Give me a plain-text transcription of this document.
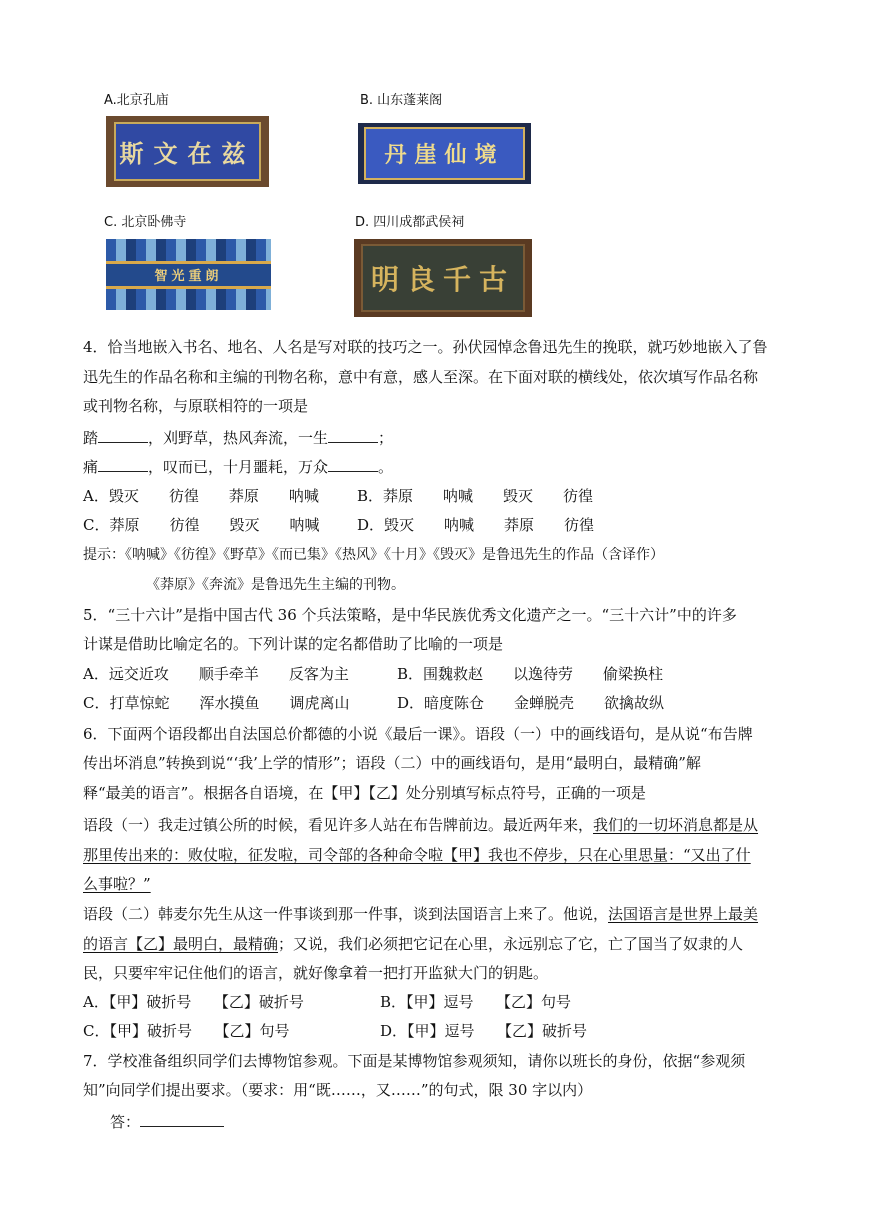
A.北京孔庙
斯文在兹
B. 山东蓬莱阁
丹崖仙境
C. 北京卧佛寺
智光重朗
D. 四川成都武侯祠
明良千古
4．恰当地嵌入书名、地名、人名是写对联的技巧之一。孙伏园悼念鲁迅先生的挽联，就巧妙地嵌入了鲁
迅先生的作品名称和主编的刊物名称，意中有意，感人至深。在下面对联的横线处，依次填写作品名称
或刊物名称，与原联相符的一项是
踏	，刈野草，热风奔流，一生	；
痛	，叹而已，十月噩耗，万众	。
A．毁灭　　彷徨　　莽原　　呐喊	B．莽原　　呐喊　　毁灭　　彷徨
C．莽原　　彷徨　　毁灭　　呐喊	D．毁灭　　呐喊　　莽原　　彷徨
提示：《呐喊》《彷徨》《野草》《而已集》《热风》《十月》《毁灭》是鲁迅先生的作品（含译作）
《莽原》《奔流》是鲁迅先生主编的刊物。
5．“三十六计”是指中国古代 36 个兵法策略，是中华民族优秀文化遗产之一。“三十六计”中的许多
计谋是借助比喻定名的。下列计谋的定名都借助了比喻的一项是
A．远交近攻　　顺手牵羊　　反客为主	B．围魏救赵　　以逸待劳　　偷梁换柱
C．打草惊蛇　　浑水摸鱼　　调虎离山	D．暗度陈仓　　金蝉脱壳　　欲擒故纵
6．下面两个语段都出自法国总价都德的小说《最后一课》。语段（一）中的画线语句，是从说“布告牌
传出坏消息”转换到说“‘我’上学的情形”；语段（二）中的画线语句，是用“最明白，最精确”解
释“最美的语言”。根据各自语境，在【甲】【乙】处分别填写标点符号，正确的一项是
语段（一）我走过镇公所的时候，看见许多人站在布告牌前边。最近两年来，我们的一切坏消息都是从
那里传出来的：败仗啦，征发啦，司令部的各种命令啦【甲】我也不停步，只在心里思量：“又出了什
么事啦？”
语段（二）韩麦尔先生从这一件事谈到那一件事，谈到法国语言上来了。他说，法国语言是世界上最美
的语言【乙】最明白，最精确；又说，我们必须把它记在心里，永远别忘了它，亡了国当了奴隶的人
民，只要牢牢记住他们的语言，就好像拿着一把打开监狱大门的钥匙。
A．【甲】破折号　　【乙】破折号	B．【甲】逗号　　【乙】句号
C．【甲】破折号　　【乙】句号	D．【甲】逗号　　【乙】破折号
7．学校准备组织同学们去博物馆参观。下面是某博物馆参观须知，请你以班长的身份，依据“参观须
知”向同学们提出要求。（要求：用“既……，又……”的句式，限 30 字以内）
答：
